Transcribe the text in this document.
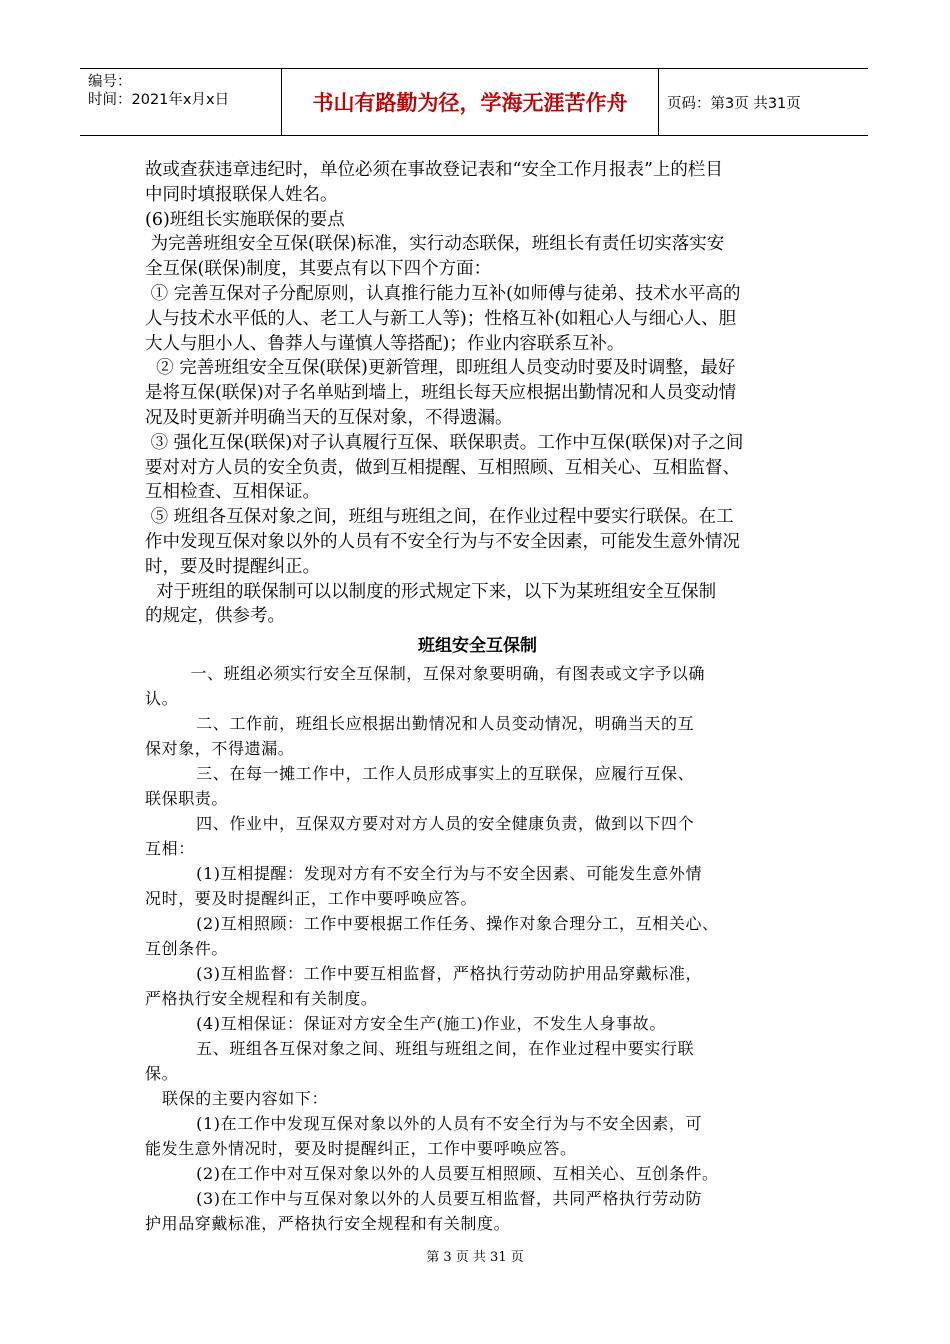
编号：
时间：2021年x月x日	书山有路勤为径，学海无涯苦作舟	页码：第3页 共31页

故或查获违章违纪时，单位必须在事故登记表和“安全工作月报表”上的栏目

中同时填报联保人姓名。

(6)班组长实施联保的要点

为完善班组安全互保(联保)标准，实行动态联保，班组长有责任切实落实安

全互保(联保)制度，其要点有以下四个方面：

① 完善互保对子分配原则，认真推行能力互补(如师傅与徒弟、技术水平高的

人与技术水平低的人、老工人与新工人等)；性格互补(如粗心人与细心人、胆

大人与胆小人、鲁莽人与谨慎人等搭配)；作业内容联系互补。

② 完善班组安全互保(联保)更新管理，即班组人员变动时要及时调整，最好

是将互保(联保)对子名单贴到墙上，班组长每天应根据出勤情况和人员变动情

况及时更新并明确当天的互保对象，不得遗漏。

③ 强化互保(联保)对子认真履行互保、联保职责。工作中互保(联保)对子之间

要对对方人员的安全负责，做到互相提醒、互相照顾、互相关心、互相监督、

互相检查、互相保证。

⑤ 班组各互保对象之间，班组与班组之间，在作业过程中要实行联保。在工

作中发现互保对象以外的人员有不安全行为与不安全因素，可能发生意外情况

时，要及时提醒纠正。

对于班组的联保制可以以制度的形式规定下来，以下为某班组安全互保制

的规定，供参考。

班组安全互保制

一、班组必须实行安全互保制，互保对象要明确，有图表或文字予以确

认。

二、工作前，班组长应根据出勤情况和人员变动情况，明确当天的互

保对象，不得遗漏。

三、在每一摊工作中，工作人员形成事实上的互联保，应履行互保、

联保职责。

四、作业中，互保双方要对对方人员的安全健康负责，做到以下四个

互相：

(1)互相提醒：发现对方有不安全行为与不安全因素、可能发生意外情

况时，要及时提醒纠正，工作中要呼唤应答。

(2)互相照顾：工作中要根据工作任务、操作对象合理分工，互相关心、

互创条件。

(3)互相监督：工作中要互相监督，严格执行劳动防护用品穿戴标准，

严格执行安全规程和有关制度。

(4)互相保证：保证对方安全生产(施工)作业，不发生人身事故。

五、班组各互保对象之间、班组与班组之间，在作业过程中要实行联

保。

联保的主要内容如下：

(1)在工作中发现互保对象以外的人员有不安全行为与不安全因素，可

能发生意外情况时，要及时提醒纠正，工作中要呼唤应答。

(2)在工作中对互保对象以外的人员要互相照顾、互相关心、互创条件。

(3)在工作中与互保对象以外的人员要互相监督，共同严格执行劳动防

护用品穿戴标准，严格执行安全规程和有关制度。

第 3 页 共 31 页
